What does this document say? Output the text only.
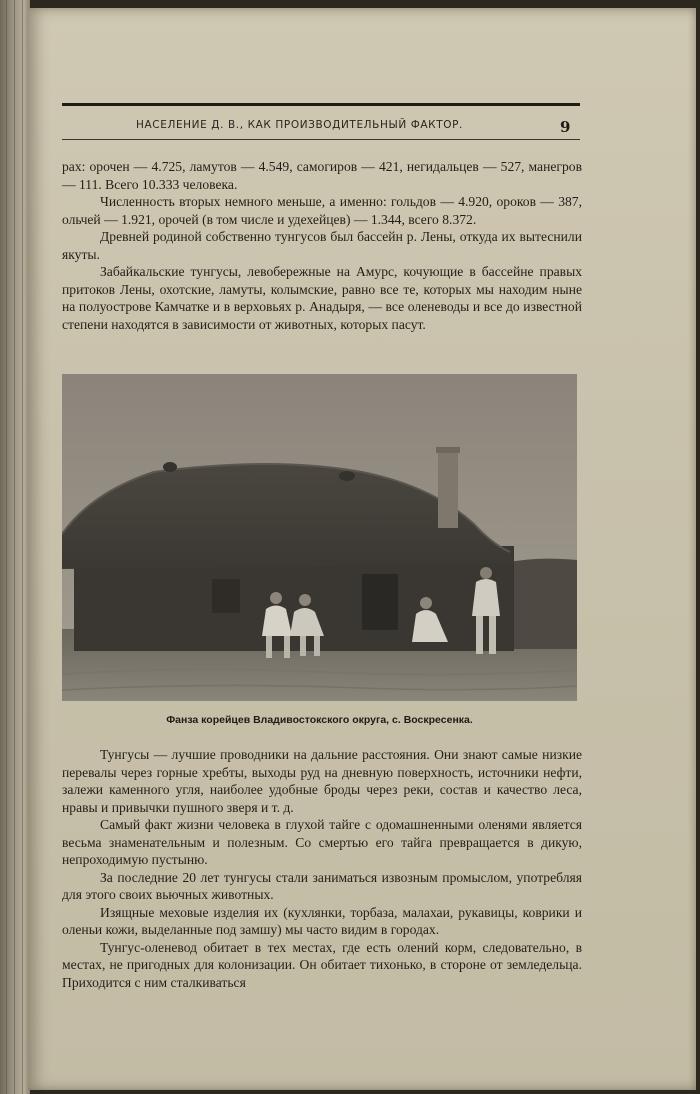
НАСЕЛЕНИЕ Д. В., КАК ПРОИЗВОДИТЕЛЬНЫЙ ФАКТОР.	9

рах: орочен — 4.725, ламутов — 4.549, самогиров — 421, негидальцев — 527, манегров — 111. Всего 10.333 человека.

Численность вторых немного меньше, а именно: гольдов — 4.920, ороков — 387, ольчей — 1.921, орочей (в том числе и удехейцев) — 1.344, всего 8.372.

Древней родиной собственно тунгусов был бассейн р. Лены, откуда их вытеснили якуты.

Забайкальские тунгусы, левобережные на Амурс, кочующие в бассейне правых притоков Лены, охотские, ламуты, колымские, равно все те, которых мы находим ныне на полуострове Камчатке и в верховьях р. Анадыря, — все оленеводы и все до известной степени находятся в зависимости от животных, которых пасут.

Фанза корейцев Владивостокского округа, с. Воскресенка.

Тунгусы — лучшие проводники на дальние расстояния. Они знают самые низкие перевалы через горные хребты, выходы руд на дневную поверхность, источники нефти, залежи каменного угля, наиболее удобные броды через реки, состав и качество леса, нравы и привычки пушного зверя и т. д.

Самый факт жизни человека в глухой тайге с одомашненными оленями является весьма знаменательным и полезным. Со смертью его тайга превращается в дикую, непроходимую пустыню.

За последние 20 лет тунгусы стали заниматься извозным промыслом, употребляя для этого своих вьючных животных.

Изящные меховые изделия их (кухлянки, торбаза, малахаи, рукавицы, коврики и оленьи кожи, выделанные под замшу) мы часто видим в городах.

Тунгус-оленевод обитает в тех местах, где есть олений корм, следовательно, в местах, не пригодных для колонизации. Он обитает тихонько, в стороне от земледельца. Приходится с ним сталкиваться
